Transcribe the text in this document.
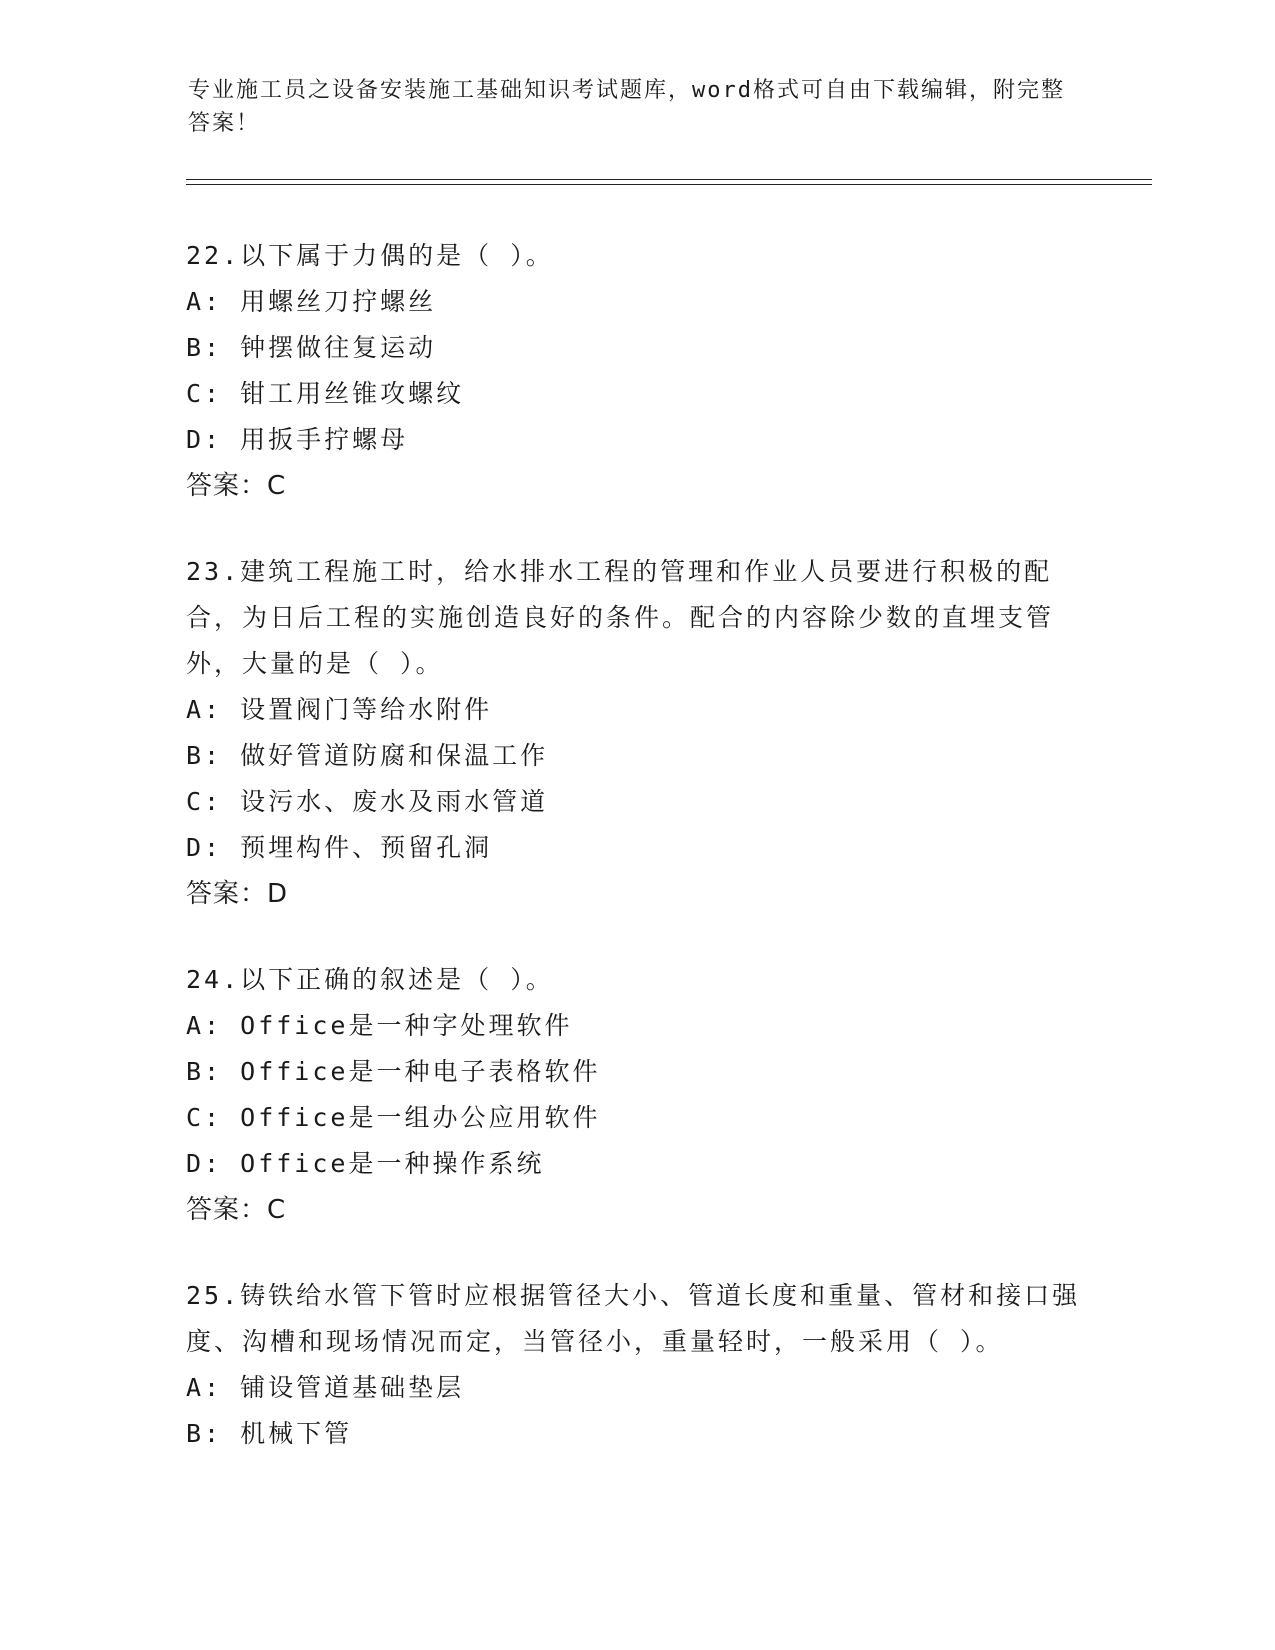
专业施工员之设备安装施工基础知识考试题库，word格式可自由下载编辑，附完整答案！
22.以下属于力偶的是（ ）。
A: 用螺丝刀拧螺丝
B: 钟摆做往复运动
C: 钳工用丝锥攻螺纹
D: 用扳手拧螺母
答案：C
23.建筑工程施工时，给水排水工程的管理和作业人员要进行积极的配合，为日后工程的实施创造良好的条件。配合的内容除少数的直埋支管外，大量的是（ ）。
A: 设置阀门等给水附件
B: 做好管道防腐和保温工作
C: 设污水、废水及雨水管道
D: 预埋构件、预留孔洞
答案：D
24.以下正确的叙述是（ ）。
A: Office是一种字处理软件
B: Office是一种电子表格软件
C: Office是一组办公应用软件
D: Office是一种操作系统
答案：C
25.铸铁给水管下管时应根据管径大小、管道长度和重量、管材和接口强度、沟槽和现场情况而定，当管径小，重量轻时，一般采用（ ）。
A: 铺设管道基础垫层
B: 机械下管
